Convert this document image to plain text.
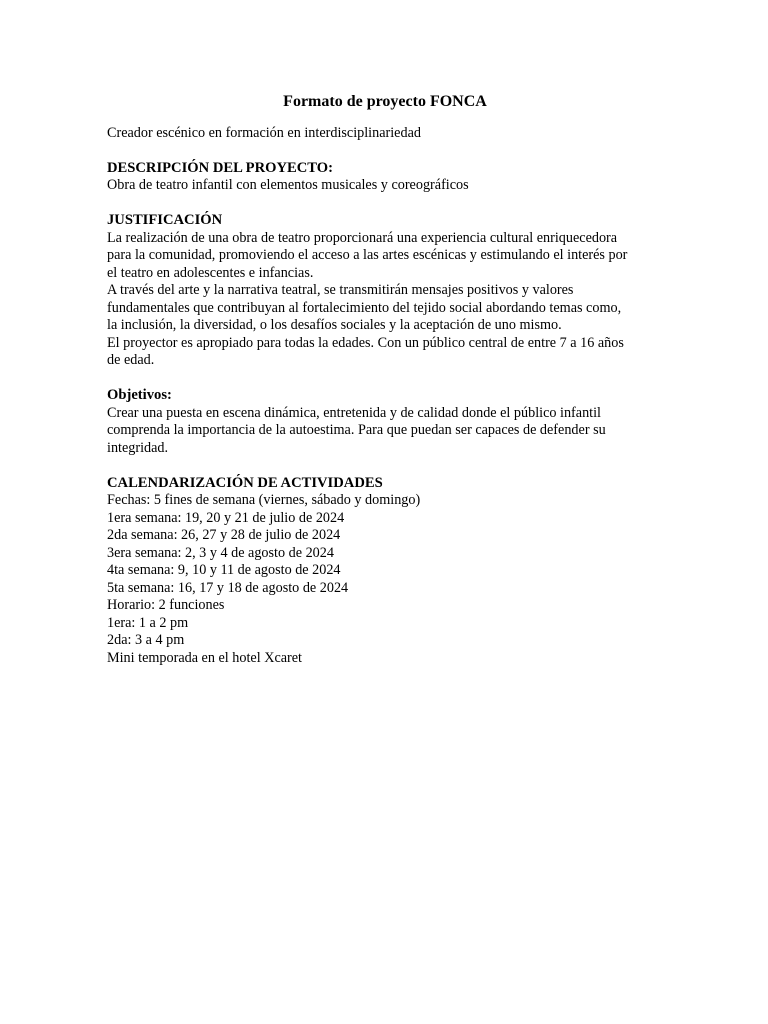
Formato de proyecto FONCA
Creador escénico en formación en interdisciplinariedad
DESCRIPCIÓN DEL PROYECTO:
Obra de teatro infantil con elementos musicales y coreográficos
JUSTIFICACIÓN
La realización de una obra de teatro proporcionará una experiencia cultural enriquecedora
para la comunidad, promoviendo el acceso a las artes escénicas y estimulando el interés por
el teatro en adolescentes e infancias.
A través del arte y la narrativa teatral, se transmitirán mensajes positivos y valores
fundamentales que contribuyan al fortalecimiento del tejido social abordando temas como,
la inclusión, la diversidad, o los desafíos sociales y la aceptación de uno mismo.
El proyector es apropiado para todas la edades. Con un público central de entre 7 a 16 años
de edad.
Objetivos:
Crear una puesta en escena dinámica, entretenida y de calidad donde el público infantil
comprenda la importancia de la autoestima. Para que puedan ser capaces de defender su
integridad.
CALENDARIZACIÓN DE ACTIVIDADES
Fechas: 5 fines de semana (viernes, sábado y domingo)
1era semana: 19, 20 y 21 de julio de 2024
2da semana: 26, 27 y 28 de julio de 2024
3era semana: 2, 3 y 4 de agosto de 2024
4ta semana: 9, 10 y 11 de agosto de 2024
5ta semana: 16, 17 y 18 de agosto de 2024
Horario: 2 funciones
1era: 1 a 2 pm
2da: 3 a 4 pm
Mini temporada en el hotel Xcaret
